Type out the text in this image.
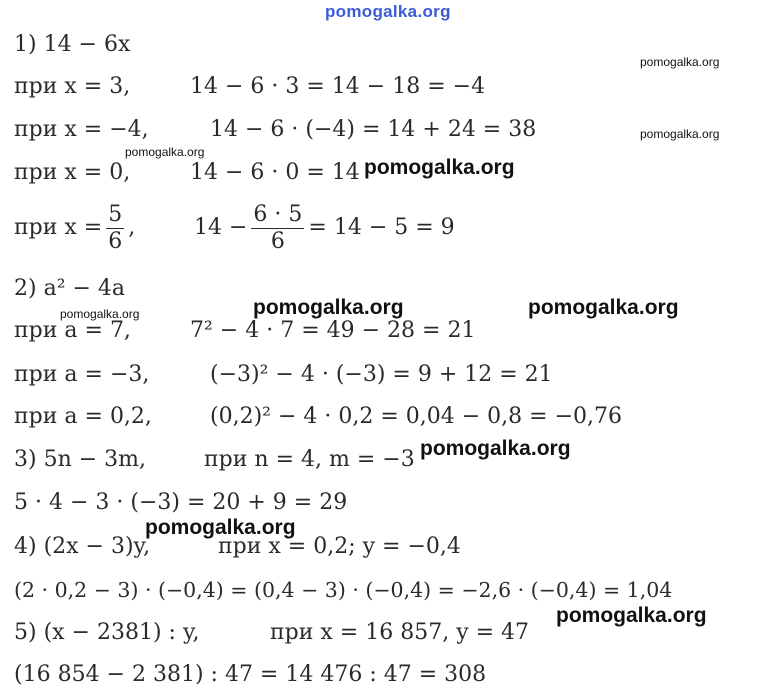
pomogalka.org
pomogalka.org
pomogalka.org
pomogalka.org
pomogalka.org
pomogalka.org	pomogalka.org
pomogalka.org
pomogalka.org
pomogalka.org
pomogalka.org
1) 14 − 6x
при x = 3,	14 − 6 · 3 = 14 − 18 = −4
при x = −4,	14 − 6 · (−4) = 14 + 24 = 38
при x = 0,	14 − 6 · 0 = 14
при $x = \frac{5}{6}$ ,	$14 - \frac{6 \cdot 5}{6} = 14 - 5 = 9$
2) a² − 4a
при a = 7,	7² − 4 · 7 = 49 − 28 = 21
при a = −3,	(−3)² − 4 · (−3) = 9 + 12 = 21
при a = 0,2,	(0,2)² − 4 · 0,2 = 0,04 − 0,8 = −0,76
3) 5n − 3m,	при n = 4, m = −3
5 · 4 − 3 · (−3) = 20 + 9 = 29
4) (2x − 3)y,	при x = 0,2; y = −0,4
(2 · 0,2 − 3) · (−0,4) = (0,4 − 3) · (−0,4) = −2,6 · (−0,4) = 1,04
5) (x − 2381) : y,	при x = 16 857, y = 47
(16 854 − 2 381) : 47 = 14 476 : 47 = 308
